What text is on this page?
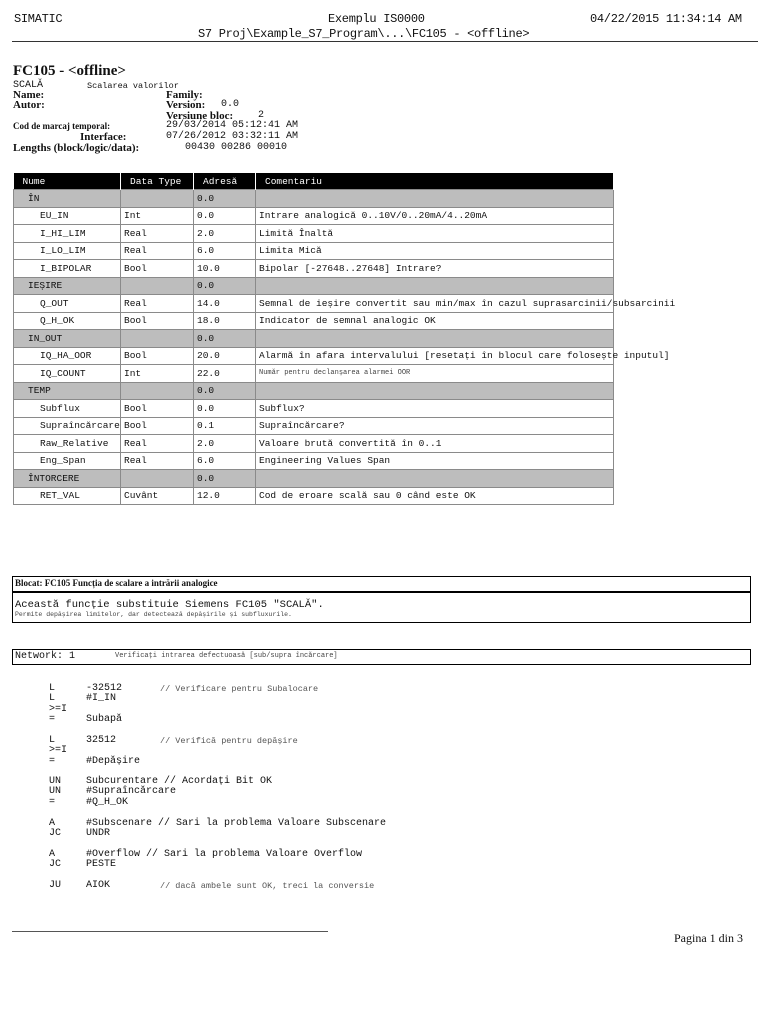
SIMATIC	Exemplu IS0000	04/22/2015 11:34:14 AM
S7 Proj\Example_S7_Program\...\FC105 - <offline>
FC105 - <offline>
SCALĂ	Scalarea valorilor
Name:	Family:
Autor:	Version: 0.0
Versiune bloc: 2
Cod de marcaj temporal:	29/03/2014 05:12:41 AM
Interface:	07/26/2012 03:32:11 AM
Lengths (block/logic/data):	00430 00286 00010
Nume	Data Type	Adresă	Comentariu
ÎN		0.0	
EU_IN	Int	0.0	Intrare analogică 0..10V/0..20mA/4..20mA
I_HI_LIM	Real	2.0	Limită Înaltă
I_LO_LIM	Real	6.0	Limita Mică
I_BIPOLAR	Bool	10.0	Bipolar [-27648..27648] Intrare?
IEȘIRE		0.0	
Q_OUT	Real	14.0	Semnal de ieșire convertit sau min/max în cazul suprasarcinii/subsarcinii
Q_H_OK	Bool	18.0	Indicator de semnal analogic OK
IN_OUT		0.0	
IQ_HA_OOR	Bool	20.0	Alarmă în afara intervalului [resetați în blocul care folosește inputul]
IQ_COUNT	Int	22.0	Număr pentru declanșarea alarmei OOR
TEMP		0.0	
Subflux	Bool	0.0	Subflux?
Supraîncărcare	Bool	0.1	Supraîncărcare?
Raw_Relative	Real	2.0	Valoare brută convertită în 0..1
Eng_Span	Real	6.0	Engineering Values Span
ÎNTORCERE		0.0	
RET_VAL	Cuvânt	12.0	Cod de eroare scală sau 0 când este OK
Blocat: FC105 Funcția de scalare a intrării analogice
Această funcție substituie Siemens FC105 "SCALĂ".
Permite depășirea limitelor, dar detectează depășirile și subfluxurile.
Network: 1	Verificați intrarea defectuoasă [sub/supra încărcare]
L	-32512	// Verificare pentru Subalocare
L	#I_IN
>=I
=	Subapă
L	32512	// Verifică pentru depășire
>=I
=	#Depășire
UN Subcurentare // Acordați Bit OK
UN #Supraîncărcare
=	#Q_H_OK
A	#Subscenare // Sari la problema Valoare Subscenare
JC UNDR
A	#Overflow // Sari la problema Valoare Overflow
JC PESTE
JU AIOK	// dacă ambele sunt OK, treci la conversie
Pagina 1 din 3
